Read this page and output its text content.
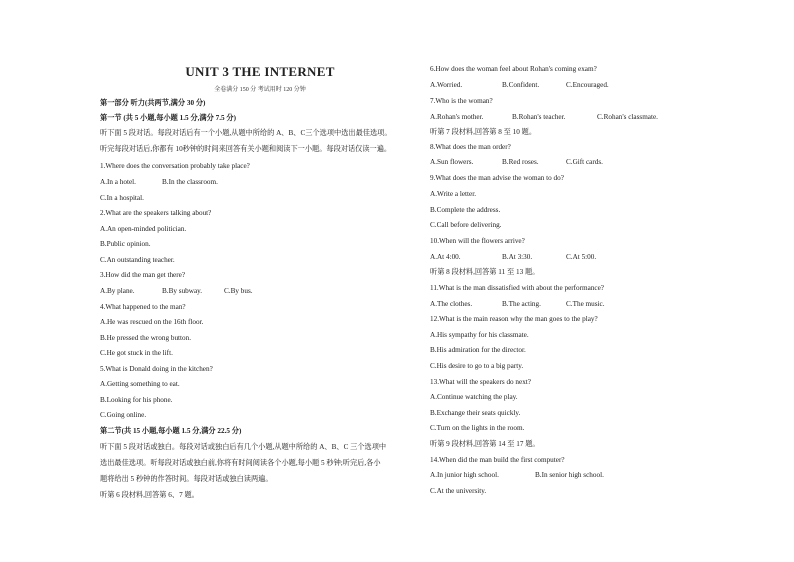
UNIT 3 THE INTERNET
全卷满分 150 分 考试用时 120 分钟
第一部分 听力(共两节,满分 30 分)
第一节 (共 5 小题,每小题 1.5 分,满分 7.5 分)
听下面 5 段对话。每段对话后有一个小题,从题中所给的 A、B、C三个选项中选出最佳选项。
听完每段对话后,你都有 10秒钟的时间来回答有关小题和阅读下一小题。每段对话仅读一遍。
1.Where does the conversation probably take place?
A.In a hotel.	B.In the classroom.
C.In a hospital.
2.What are the speakers talking about?
A.An open-minded politician.
B.Public opinion.
C.An outstanding teacher.
3.How did the man get there?
A.By plane.	B.By subway.	C.By bus.
4.What happened to the man?
A.He was rescued on the 16th floor.
B.He pressed the wrong button.
C.He got stuck in the lift.
5.What is Donald doing in the kitchen?
A.Getting something to eat.
B.Looking for his phone.
C.Going online.
第二节(共 15 小题,每小题 1.5 分,满分 22.5 分)
听下面 5 段对话或独白。每段对话或独白后有几个小题,从题中所给的 A、B、C 三个选项中
选出最佳选项。听每段对话或独白前,你将有时间阅读各个小题,每小题 5 秒钟;听完后,各小
题将给出 5 秒钟的作答时间。每段对话或独白读两遍。
听第 6 段材料,回答第 6、7 题。
6.How does the woman feel about Rohan's coming exam?
A.Worried.	B.Confident.	C.Encouraged.
7.Who is the woman?
A.Rohan's mother.	B.Rohan's teacher.	C.Rohan's classmate.
听第 7 段材料,回答第 8 至 10 题。
8.What does the man order?
A.Sun flowers.	B.Red roses.	C.Gift cards.
9.What does the man advise the woman to do?
A.Write a letter.
B.Complete the address.
C.Call before delivering.
10.When will the flowers arrive?
A.At 4:00.	B.At 3:30.	C.At 5:00.
听第 8 段材料,回答第 11 至 13 题。
11.What is the man dissatisfied with about the performance?
A.The clothes.	B.The acting.	C.The music.
12.What is the main reason why the man goes to the play?
A.His sympathy for his classmate.
B.His admiration for the director.
C.His desire to go to a big party.
13.What will the speakers do next?
A.Continue watching the play.
B.Exchange their seats quickly.
C.Turn on the lights in the room.
听第 9 段材料,回答第 14 至 17 题。
14.When did the man build the first computer?
A.In junior high school.	B.In senior high school.
C.At the university.
